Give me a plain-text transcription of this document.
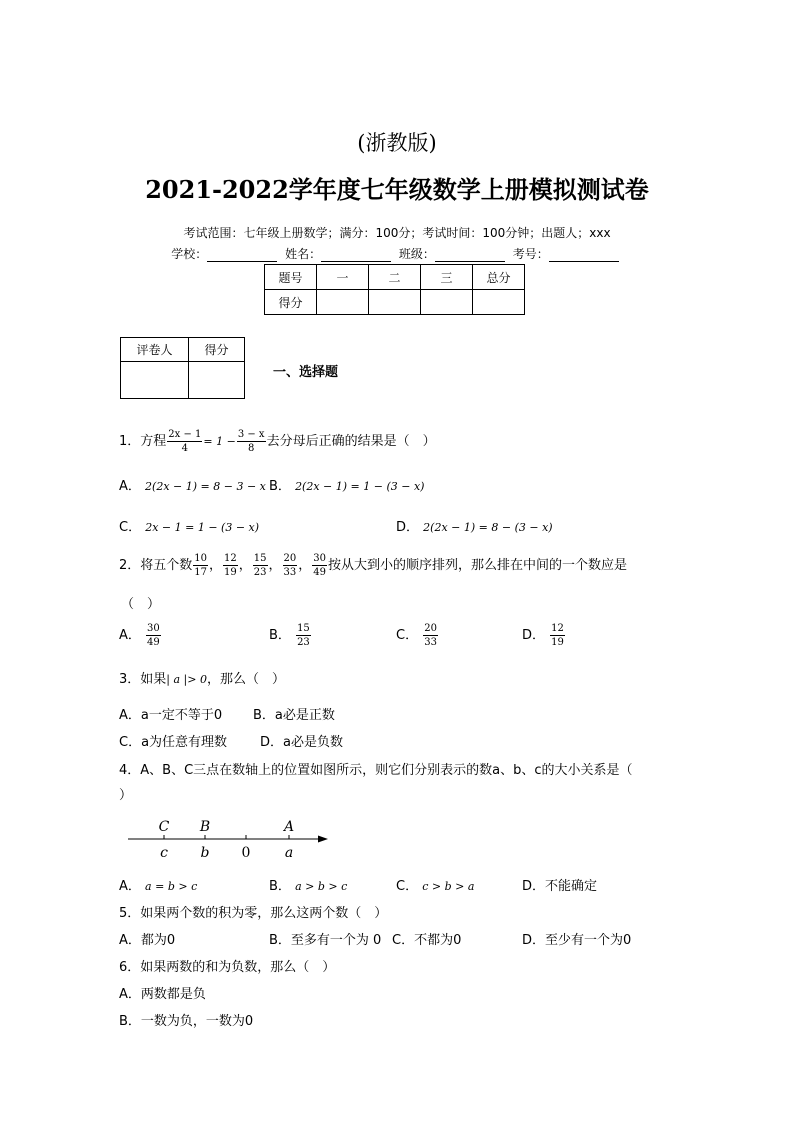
(浙教版)
2021-2022学年度七年级数学上册模拟测试卷
考试范围：七年级上册数学；满分：100分；考试时间：100分钟；出题人；xxx
学校：	姓名：	班级：	考号：
题号	一	二	三	总分
得分				
评卷人	得分

一、选择题
1．方程 $\frac{2x - 1}{4} = 1 - \frac{3 - x}{8}$ 去分母后正确的结果是（　）
A． 2(2x − 1) = 8 − 3 − x B． 2(2x − 1) = 1 − (3 − x)
C． 2x − 1 = 1 − (3 − x)	D． 2(2x − 1) = 8 − (3 − x)
2．将五个数 $\frac{10}{17}$ ， $\frac{12}{19}$ ， $\frac{15}{23}$ ， $\frac{20}{33}$ ， $\frac{30}{49}$ 按从大到小的顺序排列，那么排在中间的一个数应是
（　）
A． $\frac{30}{49}$	B． $\frac{15}{23}$	C． $\frac{20}{33}$	D． $\frac{12}{19}$
3．如果| a |> 0，那么（　）
A．a一定不等于0 B．a必是正数
C．a为任意有理数	D．a必是负数
4．A、B、C三点在数轴上的位置如图所示，则它们分别表示的数a、b、c的大小关系是（
）
C B	A
c b 0 a
A． a = b > c	B． a > b > c	C． c > b > a	D．不能确定
5．如果两个数的积为零，那么这两个数（　）
A．都为0	B．至多有一个为 0 C．不都为0	D．至少有一个为0
6．如果两数的和为负数，那么（　）
A．两数都是负
B．一数为负，一数为0
